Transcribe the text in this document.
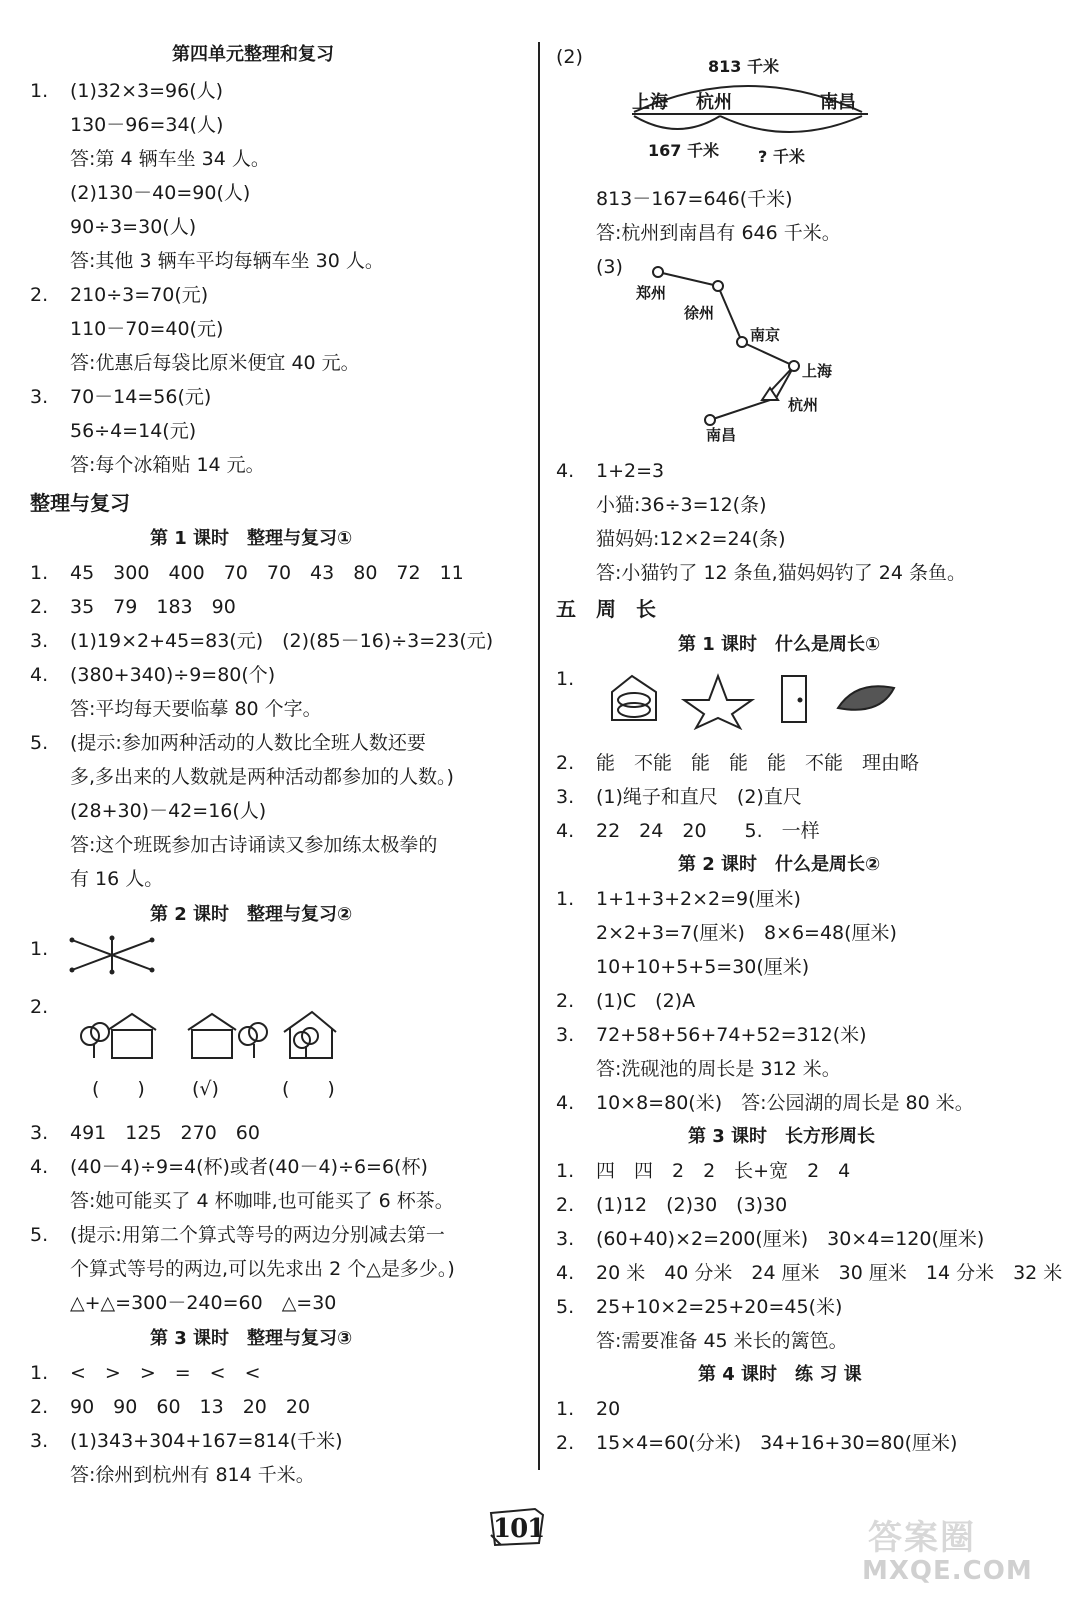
第四单元整理和复习
1. (1)32×3=96(人)
130－96=34(人)
答:第 4 辆车坐 34 人。
(2)130－40=90(人)
90÷3=30(人)
答:其他 3 辆车平均每辆车坐 30 人。
2. 210÷3=70(元)
110－70=40(元)
答:优惠后每袋比原米便宜 40 元。
3. 70－14=56(元)
56÷4=14(元)
答:每个冰箱贴 14 元。
整理与复习
第 1 课时　整理与复习①
1. 45　300　400　70　70　43　80　72　11
2. 35　79　183　90
3. (1)19×2+45=83(元)　(2)(85－16)÷3=23(元)
4. (380+340)÷9=80(个)
答:平均每天要临摹 80 个字。
5. (提示:参加两种活动的人数比全班人数还要
多,多出来的人数就是两种活动都参加的人数。)
(28+30)－42=16(人)
答:这个班既参加古诗诵读又参加练太极拳的
有 16 人。
第 2 课时　整理与复习②
1.
2.
(　　) (√)	(　　)
3. 491　125　270　60
4. (40－4)÷9=4(杯)或者(40－4)÷6=6(杯)
答:她可能买了 4 杯咖啡,也可能买了 6 杯茶。
5. (提示:用第二个算式等号的两边分别减去第一
个算式等号的两边,可以先求出 2 个△是多少。)
△+△=300－240=60　△=30
第 3 课时　整理与复习③
1. <　>　>　=　<　<
2. 90　90　60　13　20　20
3. (1)343+304+167=814(千米)
答:徐州到杭州有 814 千米。
(2)	813 千米
上海 杭州	南昌
167 千米 ? 千米
813－167=646(千米)
答:杭州到南昌有 646 千米。
(3)
郑州
徐州
南京
上海
杭州
南昌
4. 1+2=3
小猫:36÷3=12(条)
猫妈妈:12×2=24(条)
答:小猫钓了 12 条鱼,猫妈妈钓了 24 条鱼。
五　周　长
第 1 课时　什么是周长①
1.
2. 能　不能　能　能　能　不能　理由略
3. (1)绳子和直尺　(2)直尺
4. 22　24　20　　5.　一样
第 2 课时　什么是周长②
1. 1+1+3+2×2=9(厘米)
2×2+3=7(厘米)　8×6=48(厘米)
10+10+5+5=30(厘米)
2. (1)C　(2)A
3. 72+58+56+74+52=312(米)
答:洗砚池的周长是 312 米。
4. 10×8=80(米)　答:公园湖的周长是 80 米。
第 3 课时　长方形周长
1. 四　四　2　2　长+宽　2　4
2. (1)12　(2)30　(3)30
3. (60+40)×2=200(厘米)　30×4=120(厘米)
4. 20 米　40 分米　24 厘米　30 厘米　14 分米　32 米
5. 25+10×2=25+20=45(米)
答:需要准备 45 米长的篱笆。
第 4 课时　练 习 课
1. 20
2. 15×4=60(分米)　34+16+30=80(厘米)
101	答案圈
MXQE.COM
